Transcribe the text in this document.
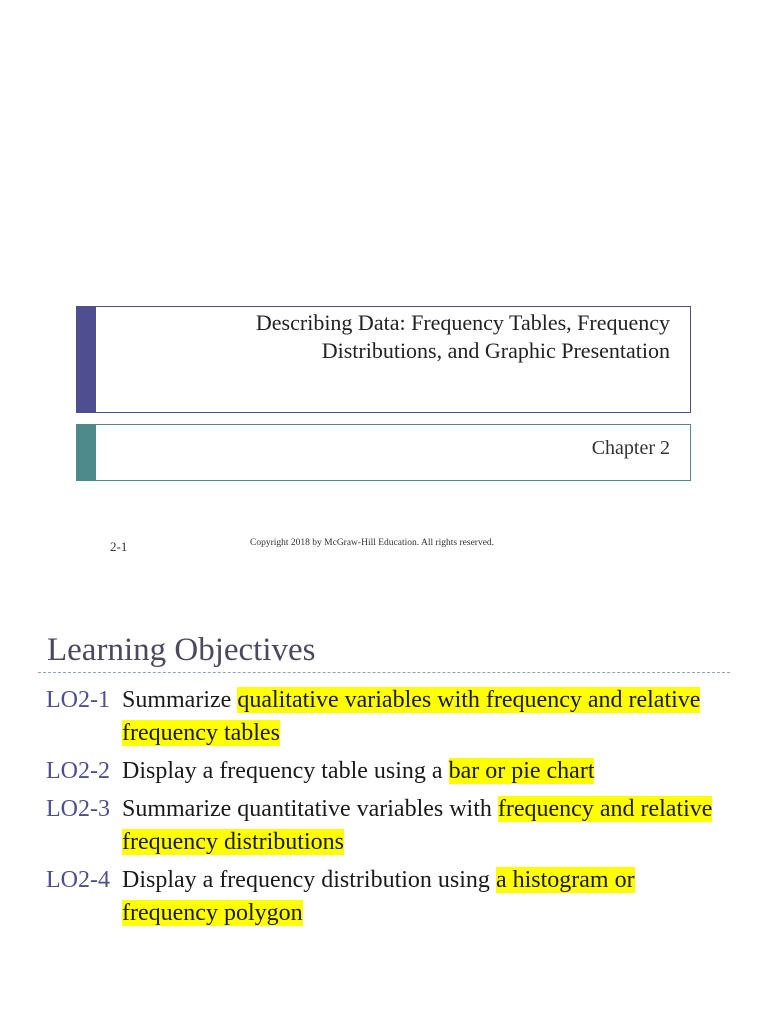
Describing Data: Frequency Tables, Frequency
Distributions, and Graphic Presentation
Chapter 2
2-1	Copyright 2018 by McGraw-Hill Education. All rights reserved.
Learning Objectives
LO2-1 Summarize qualitative variables with frequency and relative frequency tables
LO2-2 Display a frequency table using a bar or pie chart
LO2-3 Summarize quantitative variables with frequency and relative frequency distributions
LO2-4 Display a frequency distribution using a histogram or frequency polygon
